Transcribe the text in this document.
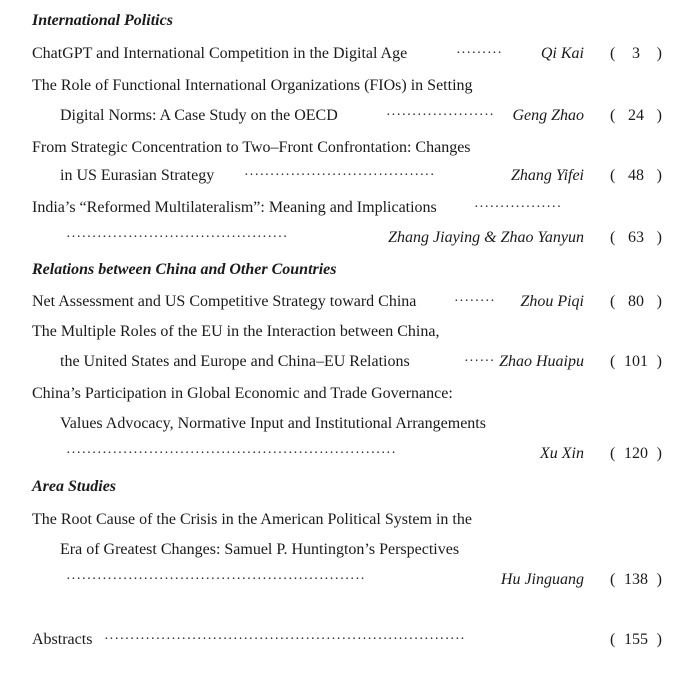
International Politics
ChatGPT and International Competition in the Digital Age	········· Qi Kai (	3	)
The Role of Functional International Organizations (FIOs) in Setting
Digital Norms: A Case Study on the OECD	····················· Geng Zhao ( 24 )
From Strategic Concentration to Two–Front Confrontation: Changes
in US Eurasian Strategy ·····································	Zhang Yifei ( 48 )
India’s “Reformed Multilateralism”: Meaning and Implications	·················
···········································	Zhang Jiaying & Zhao Yanyun ( 63 )
Relations between China and Other Countries
Net Assessment and US Competitive Strategy toward China	········ Zhou Piqi ( 80 )
The Multiple Roles of the EU in the Interaction between China,
the United States and Europe and China–EU Relations	······ Zhao Huaipu ( 101 )
China’s Participation in Global Economic and Trade Governance:
Values Advocacy, Normative Input and Institutional Arrangements
································································	Xu Xin ( 120 )
Area Studies
The Root Cause of the Crisis in the American Political System in the
Era of Greatest Changes: Samuel P. Huntington’s Perspectives
··························································	Hu Jinguang ( 138 )
Abstracts ······································································	( 155 )
